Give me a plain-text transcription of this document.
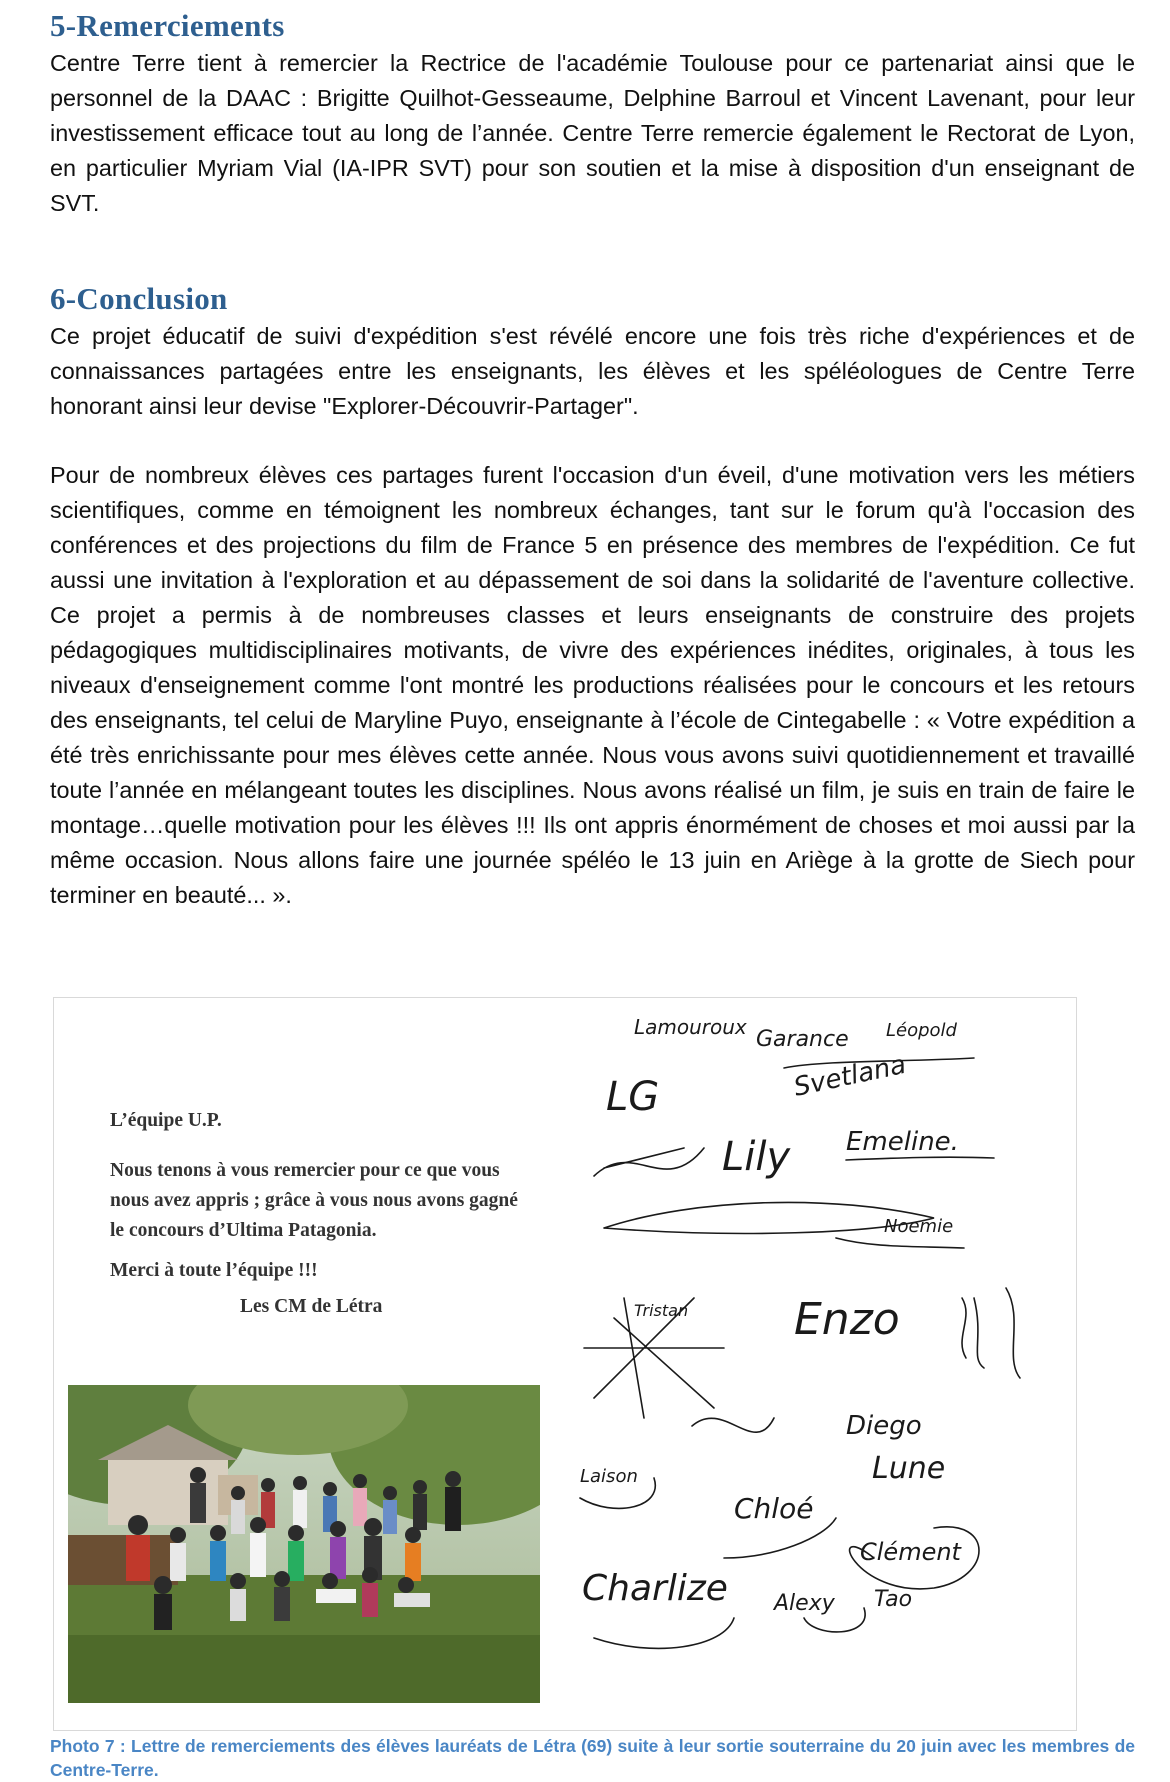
5-Remerciements

Centre Terre tient à remercier la Rectrice de l'académie Toulouse pour ce partenariat ainsi que le personnel de la DAAC : Brigitte Quilhot-Gesseaume, Delphine Barroul et Vincent Lavenant, pour leur investissement efficace tout au long de l’année. Centre Terre remercie également le Rectorat de Lyon, en particulier Myriam Vial (IA-IPR SVT) pour son soutien et la mise à disposition d'un enseignant de SVT.

6-Conclusion

Ce projet éducatif de suivi d'expédition s'est révélé encore une fois très riche d'expériences et de connaissances partagées entre les enseignants, les élèves et les spéléologues de Centre Terre honorant ainsi leur devise "Explorer-Découvrir-Partager".

Pour de nombreux élèves ces partages furent l'occasion d'un éveil, d'une motivation vers les métiers scientifiques, comme en témoignent les nombreux échanges, tant sur le forum qu'à l'occasion des conférences et des projections du film de France 5 en présence des membres de l'expédition. Ce fut aussi une invitation à l'exploration et au dépassement de soi dans la solidarité de l'aventure collective. Ce projet a permis à de nombreuses classes et leurs enseignants de construire des projets pédagogiques multidisciplinaires motivants, de vivre des expériences inédites, originales, à tous les niveaux d'enseignement comme l'ont montré les productions réalisées pour le concours et les retours des enseignants, tel celui de Maryline Puyo, enseignante à l’école de Cintegabelle : « Votre expédition a été très enrichissante pour mes élèves cette année. Nous vous avons suivi quotidiennement et travaillé toute l’année en mélangeant toutes les disciplines. Nous avons réalisé un film, je suis en train de faire le montage…quelle motivation pour les élèves !!! Ils ont appris énormément de choses et moi aussi par la même occasion. Nous allons faire une journée spéléo le 13 juin en Ariège à la grotte de Siech pour terminer en beauté... ».

L’équipe U.P.
Nous tenons à vous remercier pour ce que vous nous avez appris ; grâce à vous nous avons gagné le concours d’Ultima Patagonia.
Merci à toute l’équipe !!!
Les CM de Létra
Lamouroux Garance Léopold
LG	Svetlana
Lily Emeline.
Noemie
Tristan Enzo
Diego
Lune
Laison
Chloé
Clément
Charlize Alexy Tao

Photo 7 : Lettre de remerciements des élèves lauréats de Létra (69) suite à leur sortie souterraine du 20 juin avec les membres de Centre-Terre.
